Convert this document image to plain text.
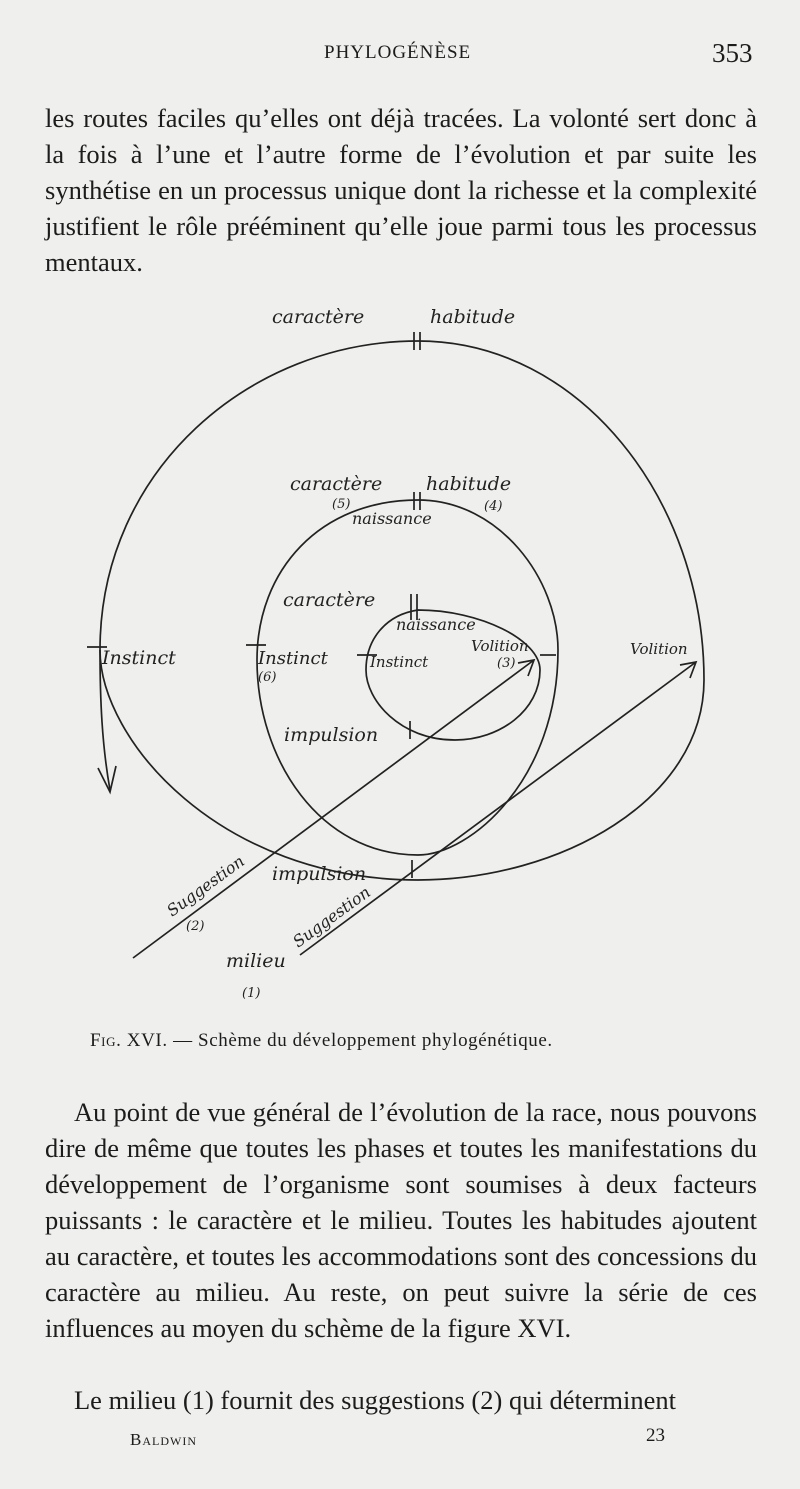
PHYLOGÉNÈSE	353

les routes faciles qu’elles ont déjà tracées. La volonté sert donc à la fois à l’une et l’autre forme de l’évolution et par suite les synthétise en un processus unique dont la richesse et la complexité justifient le rôle prééminent qu’elle joue parmi tous les processus mentaux.

caractère	habitude
Instinct	Volition
impulsion
Suggestion
caractère habitude
(5)	(4)
naissance
Instinct
(6)
impulsion
Volition
(3)
Suggestion
(2)
caractère
naissance
Instinct
milieu
(1)
Fig. XVI. — Schème du développement phylogénétique.

Au point de vue général de l’évolution de la race, nous pouvons dire de même que toutes les phases et toutes les manifestations du développement de l’organisme sont soumises à deux facteurs puissants : le caractère et le milieu. Toutes les habitudes ajoutent au caractère, et toutes les accommodations sont des concessions du caractère au milieu. Au reste, on peut suivre la série de ces influences au moyen du schème de la figure XVI.

Le milieu (1) fournit des suggestions (2) qui déterminent

Baldwin	23
